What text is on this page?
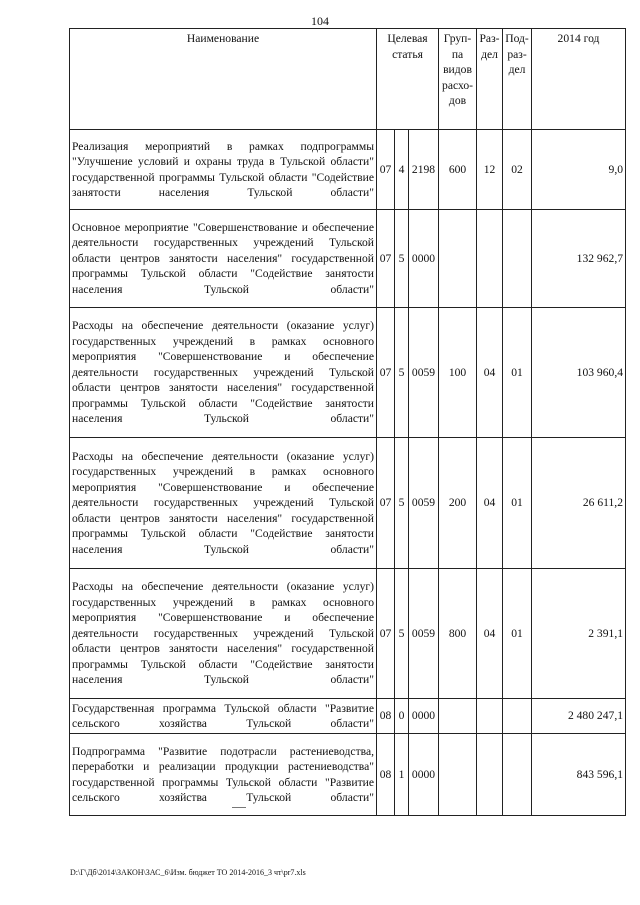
104
Наименование	Целевая статья			Груп-па видов расхо-дов	Раз-дел	Под-раз-дел	2014 год
Реализация мероприятий в рамках подпрограммы "Улучшение условий и охраны труда в Тульской области" государственной программы Тульской области "Содействие занятости населения Тульской области"	07	4	2198	600	12	02	9,0
Основное мероприятие "Совершенствование и обеспечение деятельности государственных учреждений Тульской области центров занятости населения" государственной программы Тульской области "Содействие занятости населения Тульской области"	07	5	0000				132 962,7
Расходы на обеспечение деятельности (оказание услуг) государственных учреждений в рамках основного мероприятия "Совершенствование и обеспечение деятельности государственных учреждений Тульской области центров занятости населения" государственной программы Тульской области "Содействие занятости населения Тульской области"	07	5	0059	100	04	01	103 960,4
Расходы на обеспечение деятельности (оказание услуг) государственных учреждений в рамках основного мероприятия "Совершенствование и обеспечение деятельности государственных учреждений Тульской области центров занятости населения" государственной программы Тульской области "Содействие занятости населения Тульской области"	07	5	0059	200	04	01	26 611,2
Расходы на обеспечение деятельности (оказание услуг) государственных учреждений в рамках основного мероприятия "Совершенствование и обеспечение деятельности государственных учреждений Тульской области центров занятости населения" государственной программы Тульской области "Содействие занятости населения Тульской области"	07	5	0059	800	04	01	2 391,1
Государственная программа Тульской области "Развитие сельского хозяйства Тульской области"	08	0	0000				2 480 247,1
Подпрограмма "Развитие подотрасли растениеводства, переработки и реализации продукции растениеводства" государственной программы Тульской области "Развитие сельского хозяйства Тульской области"	08	1	0000				843 596,1
D:\Г\Дб\2014\ЗАКОН\ЗАС_6\Изм. бюджет ТО 2014-2016_3 чт\pr7.xls
